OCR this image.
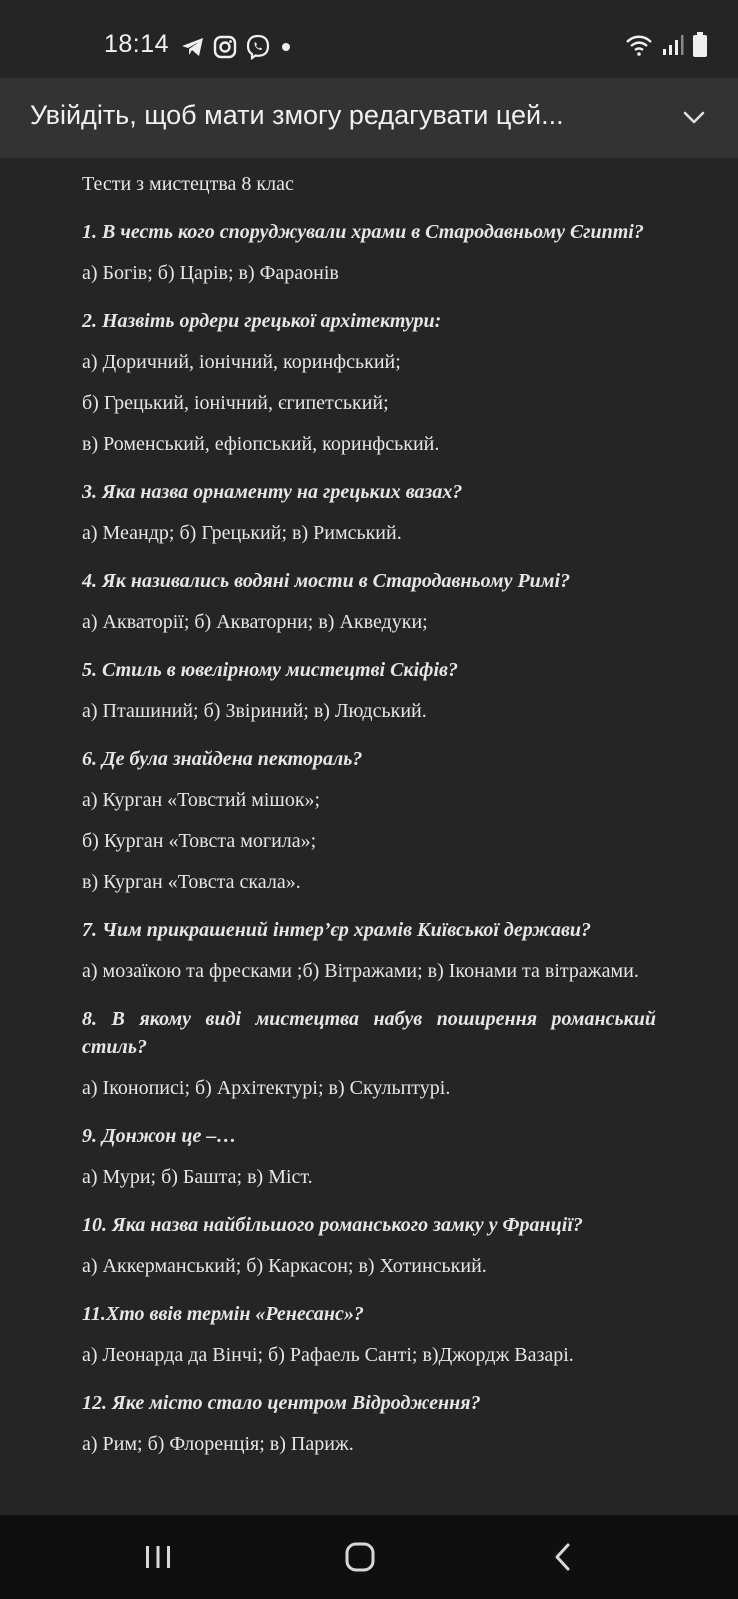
18:14
Увійдіть, щоб мати змогу редагувати цей...

Тести з мистецтва 8 клас

1. В честь кого споруджували храми в Стародавньому Єгипті?

а) Богів; б) Царів; в) Фараонів

2. Назвіть ордери грецької архітектури:

а) Доричний, іонічний, коринфський;

б) Грецький, іонічний, єгипетський;

в) Роменський, ефіопський, коринфський.

3. Яка назва орнаменту на грецьких вазах?

а) Меандр; б) Грецький; в) Римський.

4. Як називались водяні мости в Стародавньому Римі?

а) Акваторії; б) Акваторни; в) Акведуки;

5. Стиль в ювелірному мистецтві Скіфів?

а) Пташиний; б) Звіриний; в) Людський.

6. Де була знайдена пектораль?

а) Курган «Товстий мішок»;

б) Курган «Товста могила»;

в) Курган «Товста скала».

7. Чим прикрашений інтер’єр храмів Київської держави?

а) мозаїкою та фресками ;б) Вітражами; в) Іконами та вітражами.

8. В якому виді мистецтва набув поширення романський стиль?

а) Іконописі; б) Архітектурі; в) Скульптурі.

9. Донжон це –…

а) Мури; б) Башта; в) Міст.

10. Яка назва найбільшого романського замку у Франції?

а) Аккерманський; б) Каркасон; в) Хотинський.

11.Хто ввів термін «Ренесанс»?

а) Леонарда да Вінчі; б) Рафаель Санті; в)Джордж Вазарі.

12. Яке місто стало центром Відродження?

а) Рим; б) Флоренція; в) Париж.
